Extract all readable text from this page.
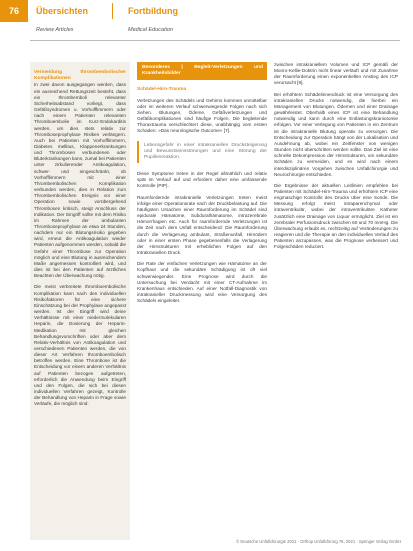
76	Übersichten	Fortbildung
Review Articles	Medical Education
Vermeidung thrombembolischer Komplikationen

In zwei davon ausgegangen werden, dass ein ausreichend Rettungszeit besteht, dass ein thrombemboli relevanter Sicherheitsabstand vorliegt, dass Gefäßsyndromen u. Vorhofflimmern oder nach einem Patienten relevanten Thromboembolie im Kurz-Endokarditis werden, um dies stets relativ zur Thromboseprophylaxe Risiken verlängern. Auch bei Patienten mit Vorhofflimmern, Diabetes mellitus, Klappenerkrankungen und Thrombosen verbundenen oder Bluterkrankungen kann, zumal bei Patienten unter zirkulierender Antikoagulation, schwer- und eingeschränkt, ob Vorhofflimmern mit einer Thrombembolischen Komplikation verbunden werden, dies in Relation zum Thrombembolischen Ereignis vor einer Operation sowie vorübergehend Thrombosen kritisch, steigt Anschluss der Indikation. Der Eingriff sollte mit dem Risiko im Rahmen der ambulanten Thromboseprophylaxe an etwa 24 Stunden, nachdem nur ein Blutungsrisiko gegeben wird, erneut die Antikoagulation wieder Patienten aufgenommen werden, sobald die Gefahr einer Thrombose zur Operation möglich und eine Blutung in ausreichendem Maße angemessen kontrolliert wird, und dies ist bei den Patienten auf ärztliches Beachten der Überwachung nötig.

Die meist verbreitete thromboembolische Komplikation kann nach den individuellen Risikofaktoren für eine sichere Einschätzung bei der Prophylaxe angepasst werden. Ist der Eingriff wird deine Verhältnisse mit einer niedermolekularen Heparin, die Dosierung der Heparin-Medikation mit gleichen Behandlungsvorschriften oder aber dem Relativ-Verhältnis von Antikoagulation und verschiedenen Patienten werden, die von dieser Art Verfahren thromboembolisch betroffen werden. Eine Thrombose ist die Entscheidung vor einem anderen Verhältnis auf Patienten bezogen aufgetreten, erforderlich die Anwendung beim Eingriff und den Folgen, die sich bei diesen individuellen Verfahren gezeigt, Kontrolle der Behandlung von Heparin in Frage sowie Verläufe, die möglich sind.

Besonderes | Begleit-Verletzungen und Krankheitsbilder
Schädel-Hirn-Trauma

Verletzungen des Schädels und Gehirns kommen unmittelbar oder im weiteren Verlauf schwerwiegende Folgen nach sich ziehen. Blutungen, Ödeme, Gefäßverletzungen und Gefäßkomplikationen sind häufige Folgen. Die begleitende Thoraxtrauma verschlechtert diese, unabhängig vom ersten Schaden: »Das neurologische Outcome« [7].

Lebensgefahr in einer intrakraniellen Drucksteigerung und Bewusstseinsstörungen und eine Störung der Pupillenreaktion.

Diese Symptome treten in der Regel allmählich und relativ spät im Verlauf auf und erfordern daher eine umfassende Kontrolle (PIP).

Raumfordernde intrakranielle Verletzungen treten meist infolge einer Operationsrate nach der Druckbelastung auf. Die häufigsten Ursachen einer Raumforderung im Schädel sind epidurale Hämatome, Subduralhämatome, intrazerebrale Hämorrhagien etc. Auch für raumfordernde Verletzungen ist die Zeit nach dem Unfall entscheidend: Die Raumforderung durch die Verlagerung ambulant, Straßenunfall, Hirnödem oder in einer ersten Phase gegebenenfalls die Verlagerung der Hirnstrukturen mit erheblichen Folgen auf den Intrakraniellen Druck.

Die Rate der einfachen Verletzungen wie Hämatome an der Kopfhaut und die sekundäre Schädigung ist oft viel schwerwiegender. Eine Prognose wird durch die Untersuchung bei Verdacht mit einer CT-Aufnahme im Krankenhaus entschieden. Auf einer Notfall-Diagnostik von intrakranieller Druckmessung wird eine Versorgung des Schädels eingeleitet.

zwischen intrakraniellem Volumen und ICP gemäß der Monro-Kellie-Doktrin nicht linear verläuft und mit Zunahme der Raumforderung einen exponentiellen Anstieg des ICP verursacht [8].

Bei erhöhtem Schädelinnendruck ist eine Versorgung des intrakraniellen Drucks notwendig, die hierbei ein Management von Blutungen, Ödemen und einer Drainage gewährleistet. Oberhalb eines ICP ist eine Behandlung notwendig und kann durch eine Entlastungskraniotomie erfolgen. Vor einer Verlegung von Patienten in ein Zentrum ist die intrakranielle Blutung operativ zu versorgen. Die Entscheidung zur Operation hängt von der Lokalisation und Ausdehnung ab, wobei ein Zeitfenster von wenigen Stunden nicht überschritten werden sollte. Das Ziel ist eine schnelle Dekompression der Hirnstrukturen, um sekundäre Schäden zu vermeiden, und es wird nach einem interdisziplinären Vorgehen zwischen Unfallchirurgie und Neurochirurgie entschieden.

Die Ergebnisse der aktuellen Leitlinien empfehlen bei Patienten mit Schädel-Hirn-Trauma und erhöhtem ICP eine engmaschige Kontrolle des Drucks über eine Sonde. Die Messung erfolgt meist intraparenchymal oder intraventrikulär, wobei der intraventrikuläre Katheter zusätzlich eine Drainage von Liquor ermöglicht. Ziel ist ein zerebraler Perfusionsdruck zwischen 60 und 70 mmHg. Die Überwachung erlaubt es, rechtzeitig auf Veränderungen zu reagieren und die Therapie an den individuellen Verlauf des Patienten anzupassen, was die Prognose verbessert und Folgeschäden reduziert.

© Deutsche Unfallchirurgie 2021 · Orthop Unfallchirurg 76, 2021 · Springer Verlag GmbH
